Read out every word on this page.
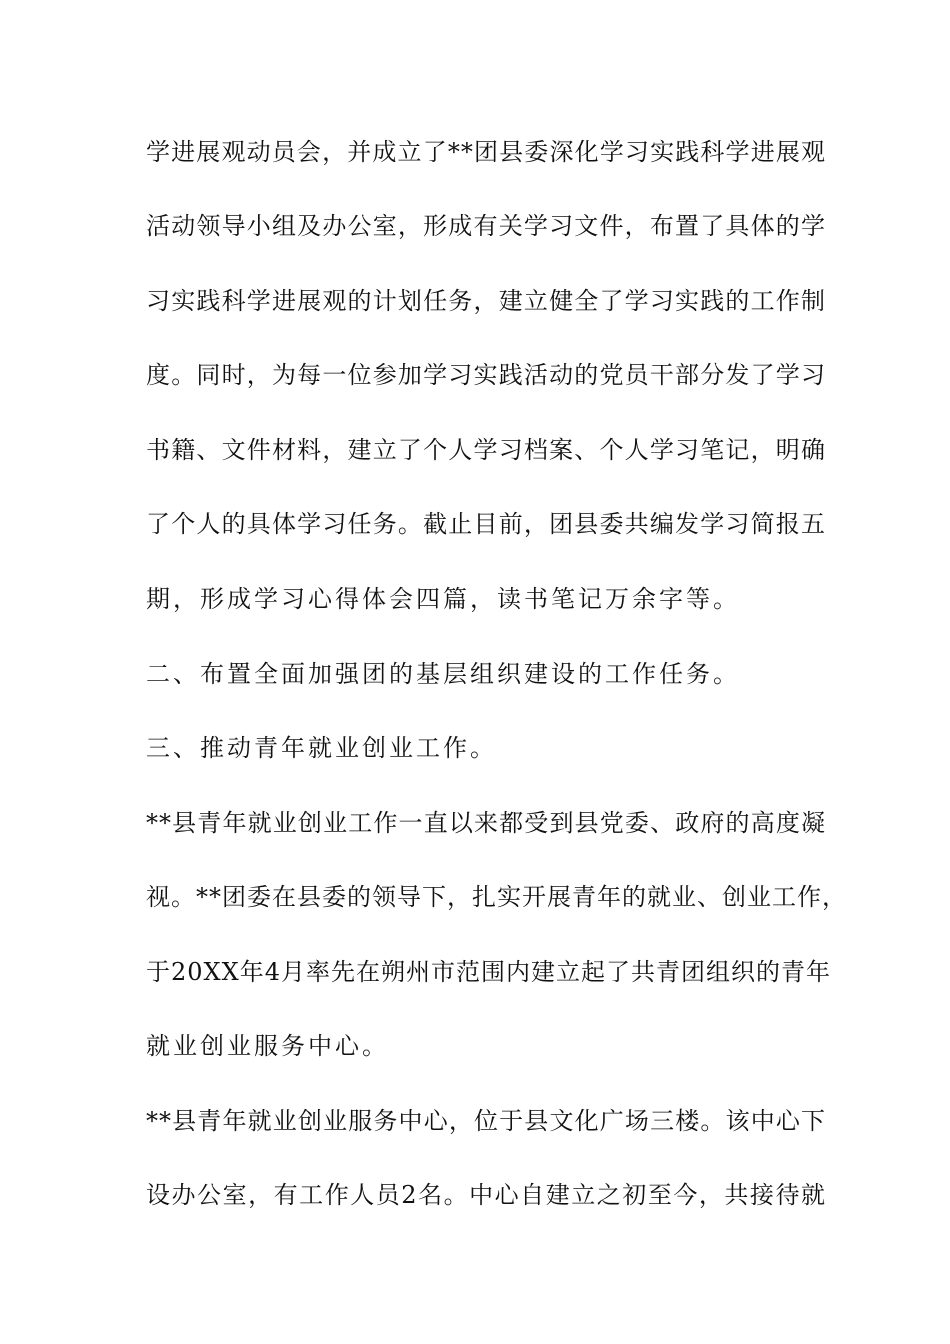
学进展观动员会，并成立了**团县委深化学习实践科学进展观
活动领导小组及办公室，形成有关学习文件，布置了具体的学
习实践科学进展观的计划任务，建立健全了学习实践的工作制
度。同时，为每一位参加学习实践活动的党员干部分发了学习
书籍、文件材料，建立了个人学习档案、个人学习笔记，明确
了个人的具体学习任务。截止目前，团县委共编发学习简报五
期，形成学习心得体会四篇，读书笔记万余字等。
二、布置全面加强团的基层组织建设的工作任务。
三、推动青年就业创业工作。
**县青年就业创业工作一直以来都受到县党委、政府的高度凝
视。**团委在县委的领导下，扎实开展青年的就业、创业工作，
于20XX年4月率先在朔州市范围内建立起了共青团组织的青年
就业创业服务中心。
**县青年就业创业服务中心，位于县文化广场三楼。该中心下
设办公室，有工作人员2名。中心自建立之初至今，共接待就
